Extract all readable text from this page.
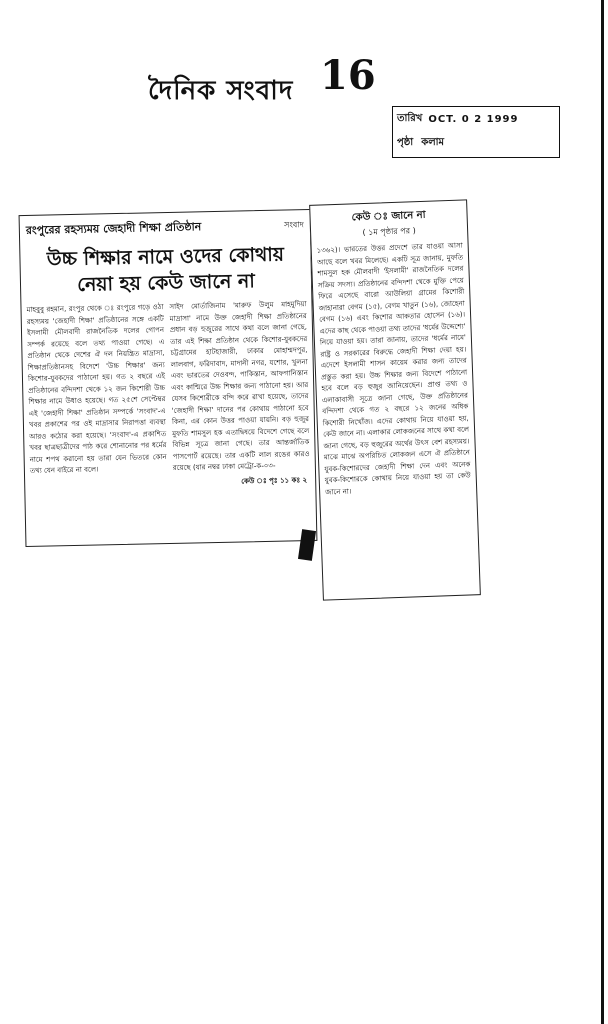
দৈনিক সংবাদ 16
তারিখ OCT. 0 2 1999
পৃষ্ঠা কলাম
রংপুরের রহস্যময় জেহাদী শিক্ষা প্রতিষ্ঠান	সংবাদ
উচ্চ শিক্ষার নামে ওদের কোথায়
নেয়া হয় কেউ জানে না
মাহবুবু রহমান, রংপুর থেকে ঃ রংপুরে গড়ে ওঠা রহস্যময় 'জেহাদী শিক্ষা' প্রতিষ্ঠানের সঙ্গে একটি ইসলামী মৌলবাদী রাজনৈতিক দলের গোপন সম্পর্ক রয়েছে বলে তথ্য পাওয়া গেছে। এ প্রতিষ্ঠান থেকে দেশের ঐ দল নিয়ন্ত্রিত মাদ্রাসা, শিক্ষাপ্রতিষ্ঠানসহ বিদেশে 'উচ্চ শিক্ষার' জন্য কিশোর-যুবকদের পাঠানো হয়। গত ২ বছরে এই প্রতিষ্ঠানের বন্দিদশা থেকে ১২ জন কিশোরী উচ্চ শিক্ষার নামে উধাও হয়েছে। গত ২৫শে সেপ্টেম্বর এই 'জেহাদী শিক্ষা' প্রতিষ্ঠান সম্পর্কে 'সংবাদ'-এ খবর প্রকাশের পর ওই মাদ্রাসার নিরাপত্তা ব্যবস্থা আরও কঠোর করা হয়েছে। 'সংবাদ'-এ প্রকাশিত খবর ছাত্রছাত্রীদের পাঠ করে শোনানোর পর ধর্মের নামে শপথ করানো হয় তারা যেন ভিতরে কোন তথ্য যেন বাইরে না বলে।
সাইদ মোর্তাজিনাম 'মারুফ উলুম মাহমুদিয়া মাদ্রাসা' নামে উক্ত জেহাদী শিক্ষা প্রতিষ্ঠানের প্রধান বড় হুজুরের সাথে কথা বলে জানা গেছে, তার এই শিক্ষা প্রতিষ্ঠান থেকে কিশোর-যুবকদের চট্টগ্রামের হাটহাজারী, ঢাকার মোহাম্মদপুর, লালবাগ, ফরিদাবাদ, মাদানী নগর, যশোর, খুলনা এবং ভারতের দেওবন্দ, পাকিস্তান, আফগানিস্তান এবং কাশ্মিরে উচ্চ শিক্ষার জন্য পাঠানো হয়। আর যেসব কিশোরীকে বন্দি করে রাখা হয়েছে, তাদের 'জেহাদী শিক্ষা' দানের পর কোথায় পাঠানো হবে কিনা, এর কোন উত্তর পাওয়া যায়নি। বড় হুজুর মুফতি শামসুল হক এতাদ্বিষয়ে বিদেশে গেছে বলে বিভিন্ন সূত্রে জানা গেছে। তার আন্তর্জাতিক পাসপোর্ট রয়েছে। তার একটি লাল রঙের কারও রয়েছে (যার নম্বর ঢাকা মেট্রো-ক-০৩-
কেউ ঃ পৃঃ ১১ কঃ ২
কেউ ঃ জানে না
( ১ম পৃষ্ঠার পর )
১৩৬২)। ভারতের উত্তর প্রদেশে তার যাওয়া আসা আছে বলে খবর মিলেছে। একটি সূত্র জানায়, মুফতি শামসুল হক মৌলবাদী 'ইসলামী' রাজনৈতিক দলের সক্রিয় সদস্য। প্রতিষ্ঠানের বন্দিদশা থেকে মুক্তি পেয়ে ফিরে এসেছে বারো আউলিয়া গ্রামের কিশোরী জাহানারা বেগম (১৫), বেগম খাতুন (১৬), জোহেনা বেগম (১৬) এবং কিশোর আকতার হোসেন (১৬)। এদের কাছ থেকে পাওয়া তথ্য তাদের 'ধর্মের উদ্দেশ্যে' নিয়ে যাওয়া হয়। তারা জানায়, তাদের 'ধর্মের নামে' রাষ্ট্র ও সরকারের বিরুদ্ধে জেহাদী শিক্ষা দেয়া হয়। এদেশে ইসলামী শাসন কায়েম করার জন্য তাদের প্রস্তুত করা হয়। উচ্চ শিক্ষার জন্য বিদেশে পাঠানো হবে বলে বড় হুজুর জানিয়েছেন। প্রাপ্ত তথ্য ও এলাকাবাসী সূত্রে জানা গেছে, উক্ত প্রতিষ্ঠানের বন্দিদশা থেকে গত ২ বছরে ১২ জনের অধিক কিশোরী নিখোঁজ। এদের কোথায় নিয়ে যাওয়া হয়, কেউ জানে না। এলাকার লোকজনের সাথে কথা বলে জানা গেছে, বড় হুজুরের অর্থের উৎস বেশ রহস্যময়। মাঝে মাঝে অপরিচিত লোকজন এসে ঐ প্রতিষ্ঠানে যুবক-কিশোরদের জেহাদী শিক্ষা দেন এবং অনেক যুবক-কিশোরকে কোথায় নিয়ে যাওয়া হয় তা কেউ জানে না।
